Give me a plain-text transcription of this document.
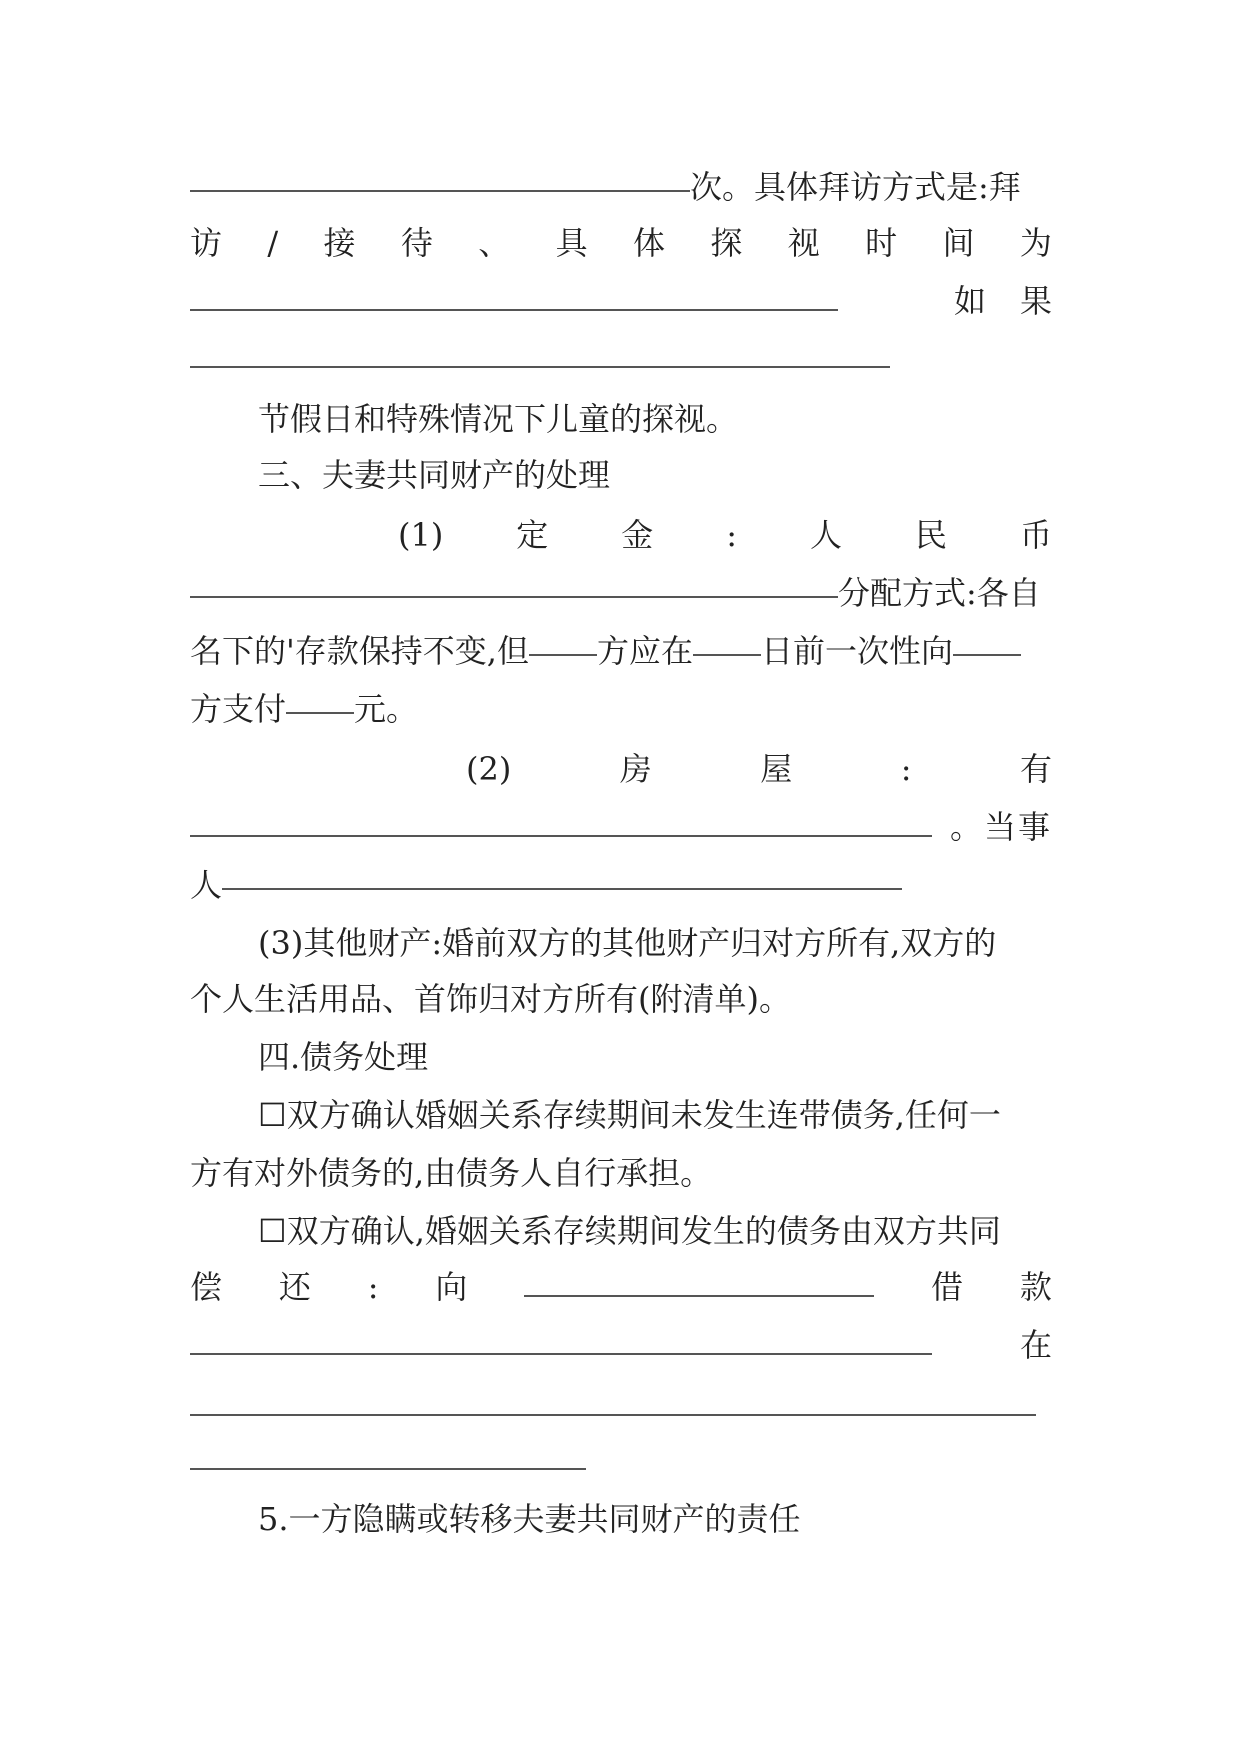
次。具体拜访方式是:拜
访 / 接 待 、 具 体 探 视 时 间 为
如 果
节假日和特殊情况下儿童的探视。
三、夫妻共同财产的处理
(1) 定 金 : 人 民 币
分配方式:各自
名下的'存款保持不变,但 方应在 日前一次性向
方支付 元。
(2)	房	屋	:	有
。当事
人
(3)其他财产:婚前双方的其他财产归对方所有,双方的
个人生活用品、首饰归对方所有(附清单)。
四.债务处理
☐双方确认婚姻关系存续期间未发生连带债务,任何一
方有对外债务的,由债务人自行承担。
☐双方确认,婚姻关系存续期间发生的债务由双方共同
偿 还 : 向	借 款
在
5.一方隐瞒或转移夫妻共同财产的责任
